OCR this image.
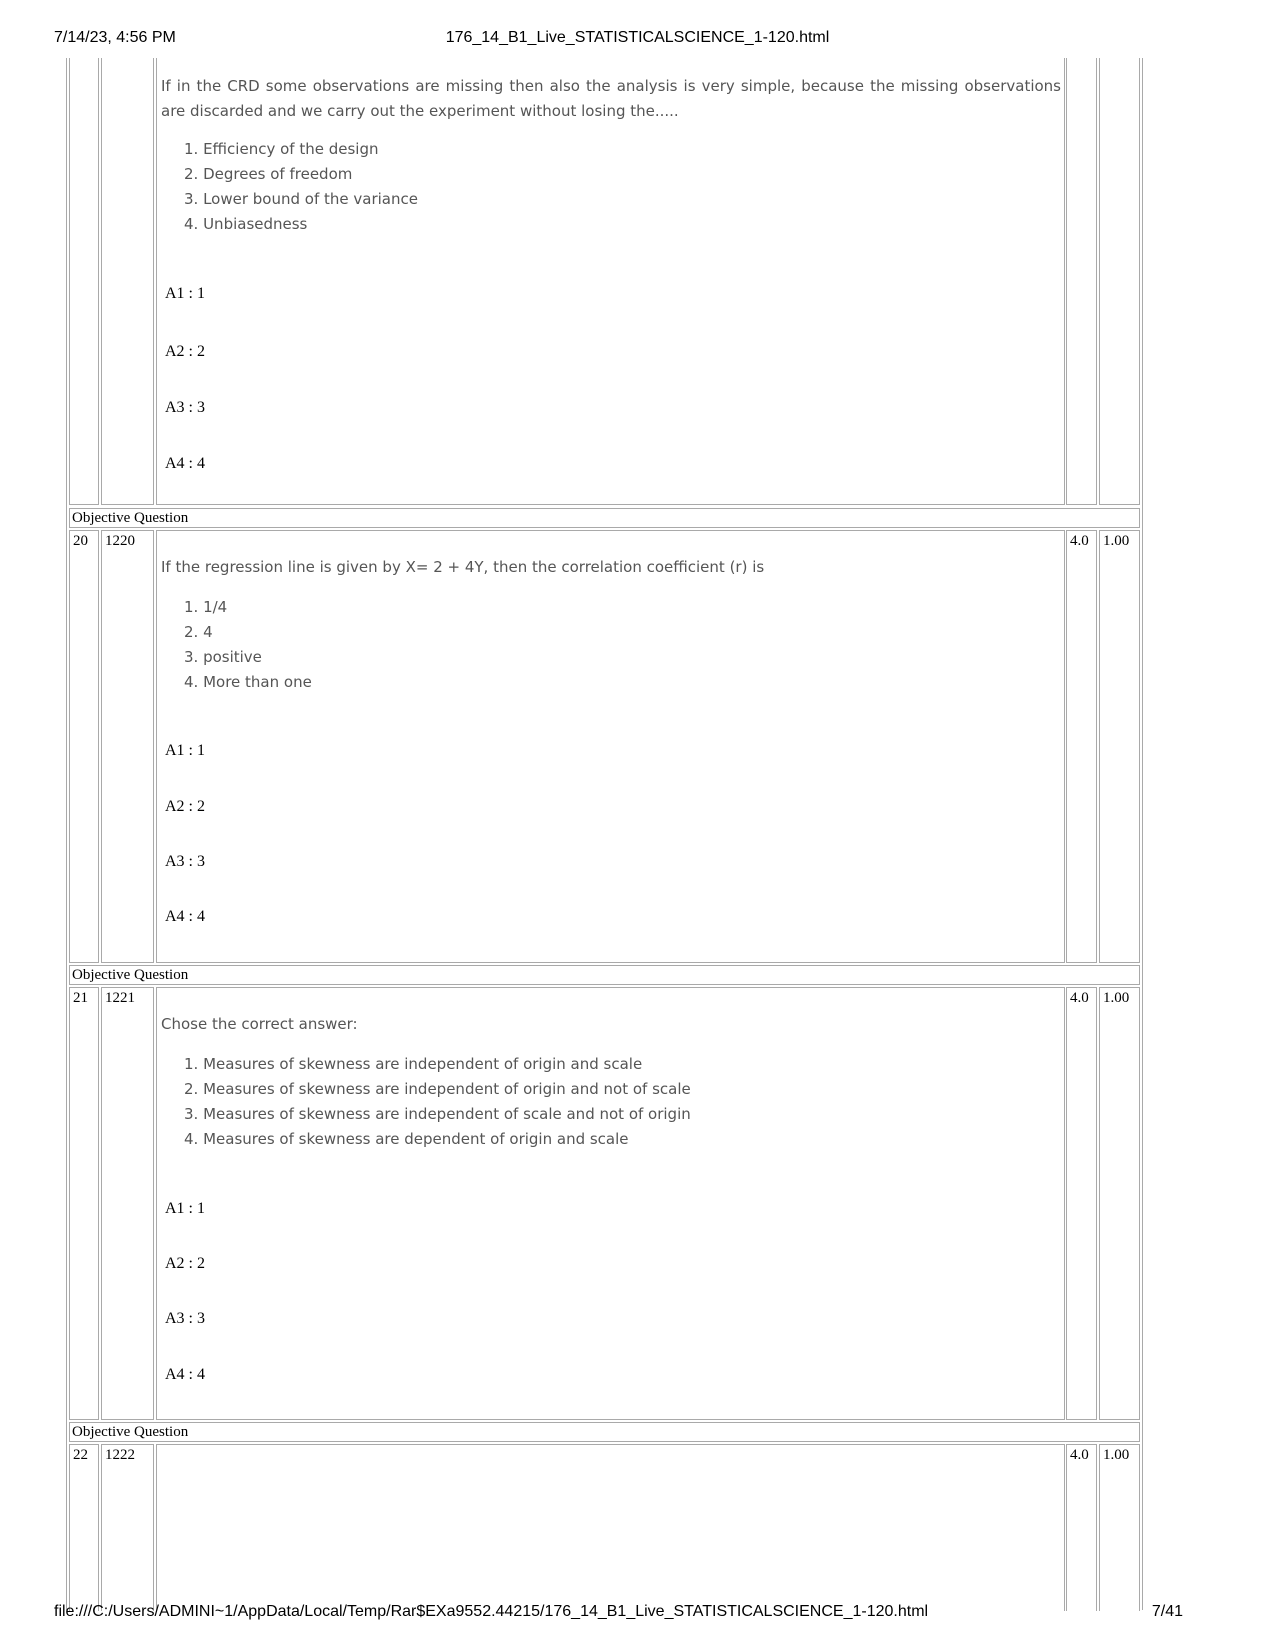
7/14/23, 4:56 PM	176_14_B1_Live_STATISTICALSCIENCE_1-120.html

If in the CRD some observations are missing then also the analysis is very simple, because the missing observations are discarded and we carry out the experiment without losing the.....

1. Efficiency of the design
2. Degrees of freedom
3. Lower bound of the variance
4. Unbiasedness
A1 : 1
A2 : 2
A3 : 3
A4 : 4
Objective Question
20	1220

If the regression line is given by X= 2 + 4Y, then the correlation coefficient (r) is

1. 1/4
2. 4
3. positive
4. More than one
A1 : 1
A2 : 2
A3 : 3
A4 : 4
4.0 1.00
Objective Question
21	1221

Chose the correct answer:

1. Measures of skewness are independent of origin and scale
2. Measures of skewness are independent of origin and not of scale
3. Measures of skewness are independent of scale and not of origin
4. Measures of skewness are dependent of origin and scale
A1 : 1
A2 : 2
A3 : 3
A4 : 4
4.0 1.00
Objective Question
22	1222	4.0 1.00
file:///C:/Users/ADMINI~1/AppData/Local/Temp/Rar$EXa9552.44215/176_14_B1_Live_STATISTICALSCIENCE_1-120.html	7/41
